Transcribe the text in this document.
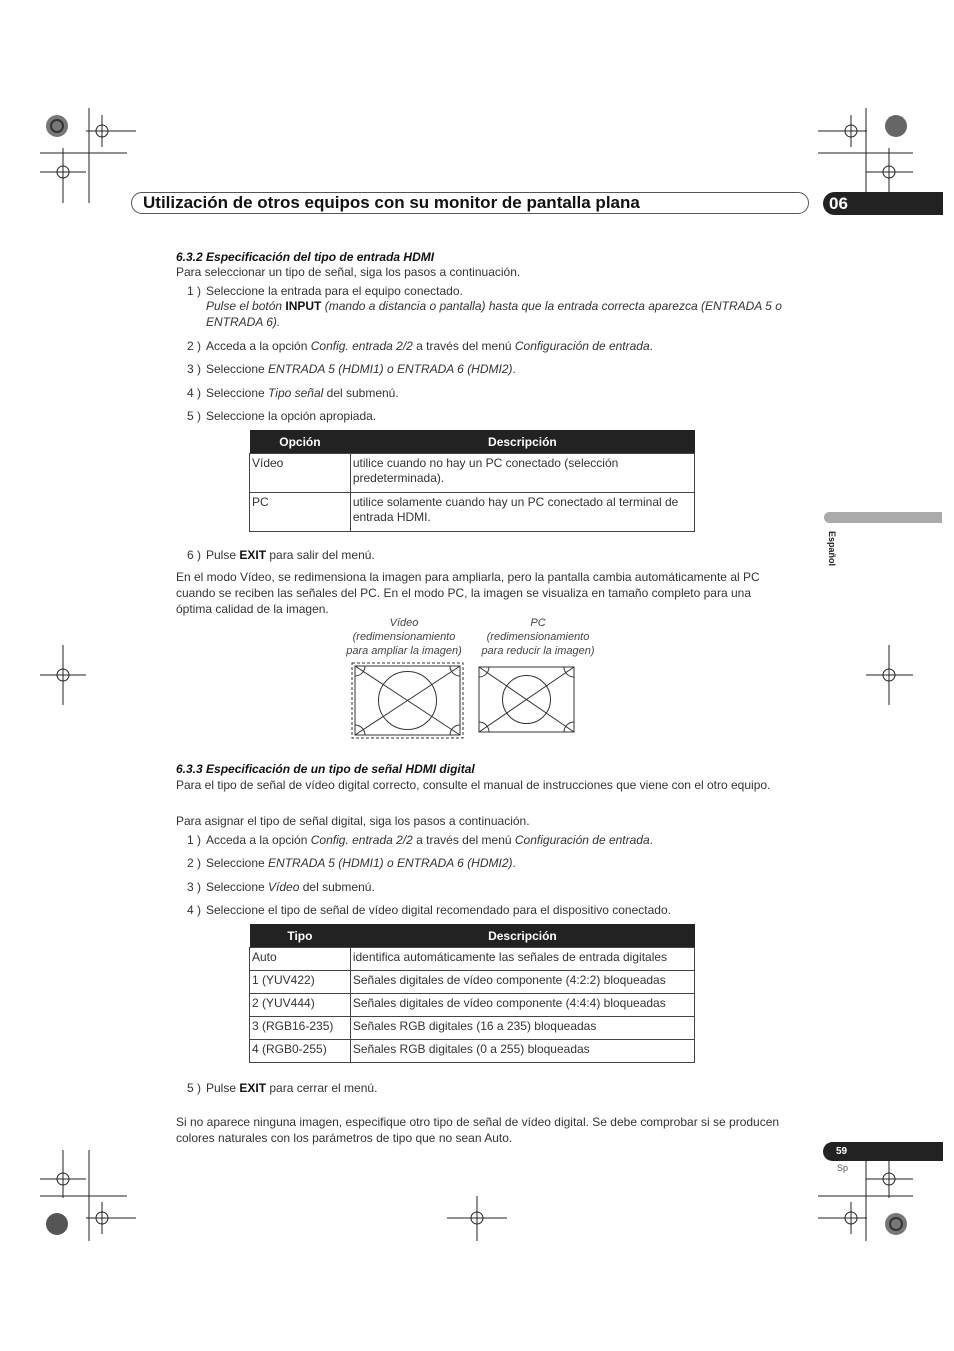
Utilización de otros equipos con su monitor de pantalla plana	06
6.3.2 Especificación del tipo de entrada HDMI
Para seleccionar un tipo de señal, siga los pasos a continuación.
1 ) Seleccione la entrada para el equipo conectado.
Pulse el botón INPUT (mando a distancia o pantalla) hasta que la entrada correcta aparezca (ENTRADA 5 o
ENTRADA 6).
2 ) Acceda a la opción Config. entrada 2/2 a través del menú Configuración de entrada.
3 ) Seleccione ENTRADA 5 (HDMI1) o ENTRADA 6 (HDMI2).
4 ) Seleccione Tipo señal del submenú.
5 ) Seleccione la opción apropiada.
Opción	Descripción
Vídeo	utilice cuando no hay un PC conectado (selección predeterminada).
PC	utilice solamente cuando hay un PC conectado al terminal de entrada HDMI.
6 ) Pulse EXIT para salir del menú.
En el modo Vídeo, se redimensiona la imagen para ampliarla, pero la pantalla cambia automáticamente al PC
cuando se reciben las señales del PC. En el modo PC, la imagen se visualiza en tamaño completo para una
óptima calidad de la imagen.
Vídeo
(redimensionamiento
para ampliar la imagen)
PC
(redimensionamiento
para reducir la imagen)
6.3.3 Especificación de un tipo de señal HDMI digital
Para el tipo de señal de vídeo digital correcto, consulte el manual de instrucciones que viene con el otro equipo.
Para asignar el tipo de señal digital, siga los pasos a continuación.
1 ) Acceda a la opción Config. entrada 2/2 a través del menú Configuración de entrada.
2 ) Seleccione ENTRADA 5 (HDMI1) o ENTRADA 6 (HDMI2).
3 ) Seleccione Vídeo del submenú.
4 ) Seleccione el tipo de señal de vídeo digital recomendado para el dispositivo conectado.
Tipo	Descripción
Auto	identifica automáticamente las señales de entrada digitales
1 (YUV422)	Señales digitales de vídeo componente (4:2:2) bloqueadas
2 (YUV444)	Señales digitales de vídeo componente (4:4:4) bloqueadas
3 (RGB16-235)	Señales RGB digitales (16 a 235) bloqueadas
4 (RGB0-255)	Señales RGB digitales (0 a 255) bloqueadas
5 ) Pulse EXIT para cerrar el menú.
Si no aparece ninguna imagen, especifique otro tipo de señal de vídeo digital. Se debe comprobar si se producen
colores naturales con los parámetros de tipo que no sean Auto.
Español
59
Sp
